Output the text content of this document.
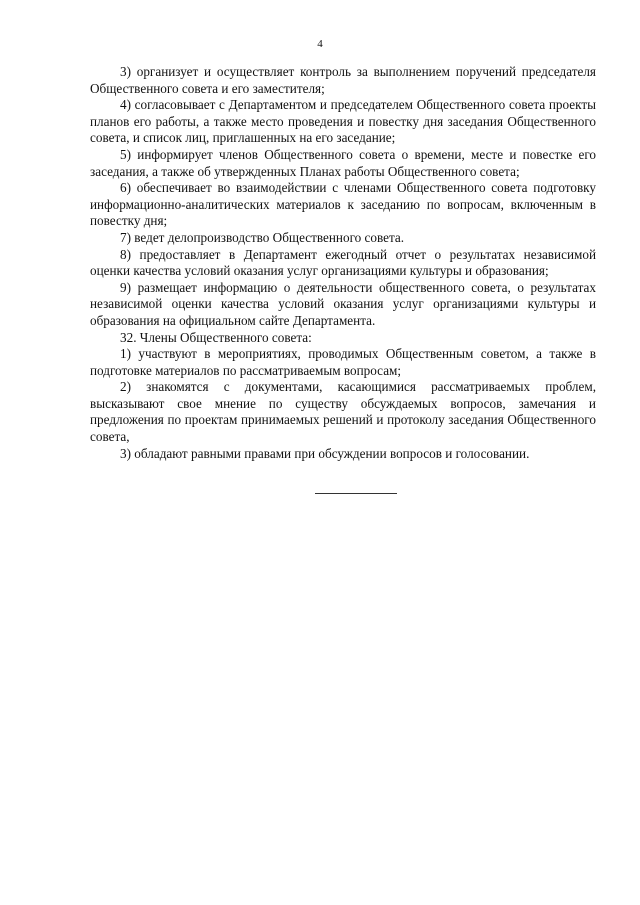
4

3) организует и осуществляет контроль за выполнением поручений председателя Общественного совета и его заместителя;

4) согласовывает с Департаментом и председателем Общественного совета проекты планов его работы, а также место проведения и повестку дня заседания Общественного совета, и список лиц, приглашенных на его заседание;

5) информирует членов Общественного совета о времени, месте и повестке его заседания, а также об утвержденных Планах работы Общественного совета;

6) обеспечивает во взаимодействии с членами Общественного совета подготовку информационно-аналитических материалов к заседанию по вопросам, включенным в повестку дня;

7) ведет делопроизводство Общественного совета.

8) предоставляет в Департамент ежегодный отчет о результатах независимой оценки качества условий оказания услуг организациями культуры и образования;

9) размещает информацию о деятельности общественного совета, о результатах независимой оценки качества условий оказания услуг организациями культуры и образования на официальном сайте Департамента.

32. Члены Общественного совета:

1) участвуют в мероприятиях, проводимых Общественным советом, а также в подготовке материалов по рассматриваемым вопросам;

2) знакомятся с документами, касающимися рассматриваемых проблем, высказывают свое мнение по существу обсуждаемых вопросов, замечания и предложения по проектам принимаемых решений и протоколу заседания Общественного совета,

3) обладают равными правами при обсуждении вопросов и голосовании.
